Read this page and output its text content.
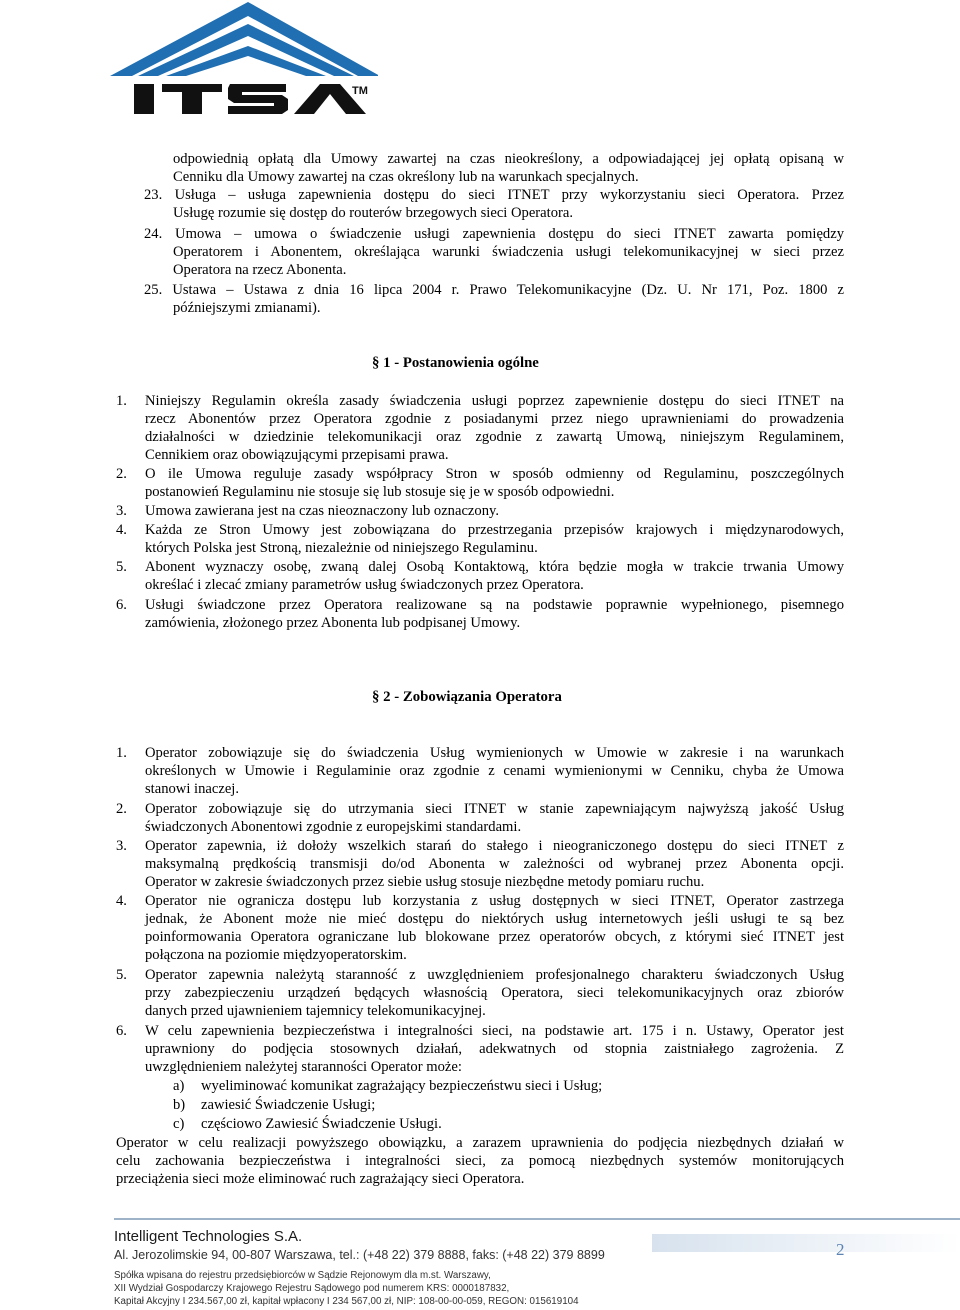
TM
odpowiednią opłatą dla Umowy zawartej na czas nieokreślony, a odpowiadającej jej opłatą opisaną w
Cenniku dla Umowy zawartej na czas określony lub na warunkach specjalnych.
23. Usługa – usługa zapewnienia dostępu do sieci ITNET przy wykorzystaniu sieci Operatora. Przez
Usługę rozumie się dostęp do routerów brzegowych sieci Operatora.
24. Umowa – umowa o świadczenie usługi zapewnienia dostępu do sieci ITNET zawarta pomiędzy
Operatorem i Abonentem, określająca warunki świadczenia usługi telekomunikacyjnej w sieci przez
Operatora na rzecz Abonenta.
25. Ustawa – Ustawa z dnia 16 lipca 2004 r. Prawo Telekomunikacyjne (Dz. U. Nr 171, Poz. 1800 z
późniejszymi zmianami).
§ 1 - Postanowienia ogólne
1. Niniejszy Regulamin określa zasady świadczenia usługi poprzez zapewnienie dostępu do sieci ITNET na
rzecz Abonentów przez Operatora zgodnie z posiadanymi przez niego uprawnieniami do prowadzenia
działalności w dziedzinie telekomunikacji oraz zgodnie z zawartą Umową, niniejszym Regulaminem,
Cennikiem oraz obowiązującymi przepisami prawa.
2. O ile Umowa reguluje zasady współpracy Stron w sposób odmienny od Regulaminu, poszczególnych
postanowień Regulaminu nie stosuje się lub stosuje się je w sposób odpowiedni.
3. Umowa zawierana jest na czas nieoznaczony lub oznaczony.
4. Każda ze Stron Umowy jest zobowiązana do przestrzegania przepisów krajowych i międzynarodowych,
których Polska jest Stroną, niezależnie od niniejszego Regulaminu.
5. Abonent wyznaczy osobę, zwaną dalej Osobą Kontaktową, która będzie mogła w trakcie trwania Umowy
określać i zlecać zmiany parametrów usług świadczonych przez Operatora.
6. Usługi świadczone przez Operatora realizowane są na podstawie poprawnie wypełnionego, pisemnego
zamówienia, złożonego przez Abonenta lub podpisanej Umowy.
§ 2 - Zobowiązania Operatora
1. Operator zobowiązuje się do świadczenia Usług wymienionych w Umowie w zakresie i na warunkach
określonych w Umowie i Regulaminie oraz zgodnie z cenami wymienionymi w Cenniku, chyba że Umowa
stanowi inaczej.
2. Operator zobowiązuje się do utrzymania sieci ITNET w stanie zapewniającym najwyższą jakość Usług
świadczonych Abonentowi zgodnie z europejskimi standardami.
3. Operator zapewnia, iż dołoży wszelkich starań do stałego i nieograniczonego dostępu do sieci ITNET z
maksymalną prędkością transmisji do/od Abonenta w zależności od wybranej przez Abonenta opcji.
Operator w zakresie świadczonych przez siebie usług stosuje niezbędne metody pomiaru ruchu.
4. Operator nie ogranicza dostępu lub korzystania z usług dostępnych w sieci ITNET, Operator zastrzega
jednak, że Abonent może nie mieć dostępu do niektórych usług internetowych jeśli usługi te są bez
poinformowania Operatora ograniczane lub blokowane przez operatorów obcych, z którymi sieć ITNET jest
połączona na poziomie międzyoperatorskim.
5. Operator zapewnia należytą staranność z uwzględnieniem profesjonalnego charakteru świadczonych Usług
przy zabezpieczeniu urządzeń będących własnością Operatora, sieci telekomunikacyjnych oraz zbiorów
danych przed ujawnieniem tajemnicy telekomunikacyjnej.
6. W celu zapewnienia bezpieczeństwa i integralności sieci, na podstawie art. 175 i n. Ustawy, Operator jest
uprawniony do podjęcia stosownych działań, adekwatnych od stopnia zaistniałego zagrożenia. Z
uwzględnieniem należytej staranności Operator może:
a) wyeliminować komunikat zagrażający bezpieczeństwu sieci i Usług;
b) zawiesić Świadczenie Usługi;
c) częściowo Zawiesić Świadczenie Usługi.
Operator w celu realizacji powyższego obowiązku, a zarazem uprawnienia do podjęcia niezbędnych działań w
celu zachowania bezpieczeństwa i integralności sieci, za pomocą niezbędnych systemów monitorujących
przeciążenia sieci może eliminować ruch zagrażający sieci Operatora.
Intelligent Technologies S.A.
Al. Jerozolimskie 94, 00-807 Warszawa, tel.: (+48 22) 379 8888, faks: (+48 22) 379 8899
Spółka wpisana do rejestru przedsiębiorców w Sądzie Rejonowym dla m.st. Warszawy,
XII Wydział Gospodarczy Krajowego Rejestru Sądowego pod numerem KRS: 0000187832,
Kapitał Akcyjny I 234.567,00 zł, kapitał wpłacony I 234 567,00 zł, NIP: 108-00-00-059, REGON: 015619104
2
